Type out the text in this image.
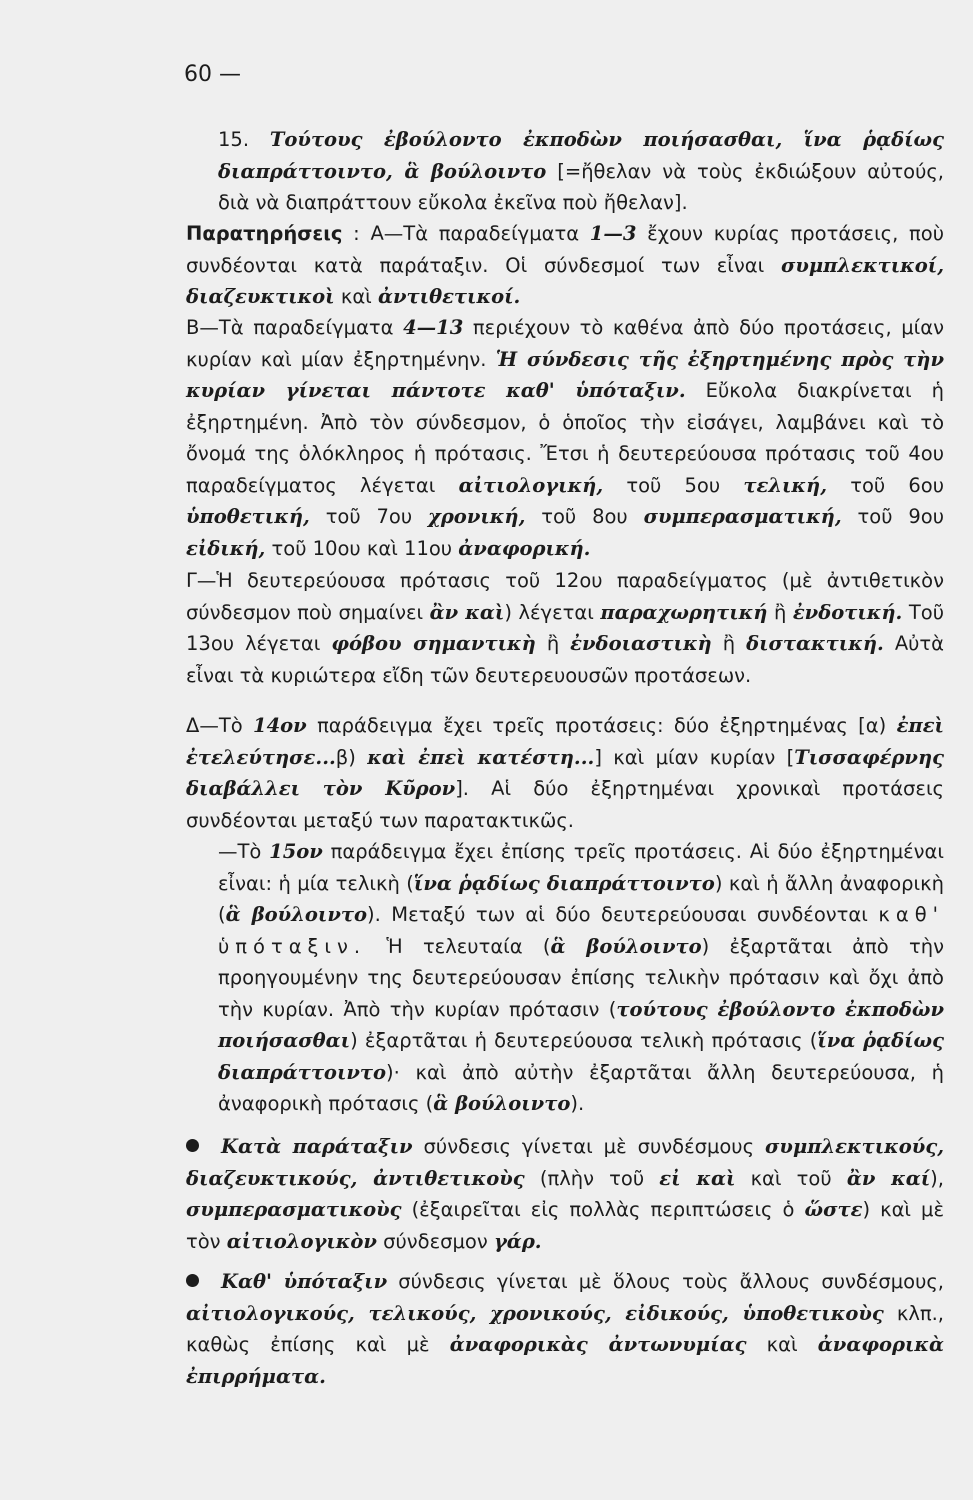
60 —
15. Τούτους ἐβούλοντο ἐκποδὼν ποιήσασθαι, ἵνα ῥᾳδίως διαπράττοιντο, ἃ βούλοιντο [=ἤθελαν νὰ τοὺς ἐκδιώξουν αὐτούς, διὰ νὰ διαπράττουν εὔκολα ἐκεῖνα ποὺ ἤθελαν].
Παρατηρήσεις : Α—Τὰ παραδείγματα 1—3 ἔχουν κυρίας προτάσεις, ποὺ συνδέονται κατὰ παράταξιν. Οἱ σύνδεσμοί των εἶναι συμπλεκτικοί, διαζευκτικοὶ καὶ ἀντιθετικοί.
Β—Τὰ παραδείγματα 4—13 περιέχουν τὸ καθένα ἀπὸ δύο προτάσεις, μίαν κυρίαν καὶ μίαν ἐξηρτημένην. Ἡ σύνδεσις τῆς ἐξηρτημένης πρὸς τὴν κυρίαν γίνεται πάντοτε καθ' ὑπόταξιν. Εὔκολα διακρίνεται ἡ ἐξηρτημένη. Ἀπὸ τὸν σύνδεσμον, ὁ ὁποῖος τὴν εἰσάγει, λαμβάνει καὶ τὸ ὄνομά της ὁλόκληρος ἡ πρότασις. Ἔτσι ἡ δευτερεύουσα πρότασις τοῦ 4ου παραδείγματος λέγεται αἰτιολογική, τοῦ 5ου τελική, τοῦ 6ου ὑποθετική, τοῦ 7ου χρονική, τοῦ 8ου συμπερασματική, τοῦ 9ου εἰδική, τοῦ 10ου καὶ 11ου ἀναφορική.
Γ—Ἡ δευτερεύουσα πρότασις τοῦ 12ου παραδείγματος (μὲ ἀντιθετικὸν σύνδεσμον ποὺ σημαίνει ἂν καὶ) λέγεται παραχωρητική ἢ ἐνδοτική. Τοῦ 13ου λέγεται φόβου σημαντικὴ ἢ ἐνδοιαστικὴ ἢ διστακτική. Αὐτὰ εἶναι τὰ κυριώτερα εἴδη τῶν δευτερευουσῶν προτάσεων.
Δ—Τὸ 14ον παράδειγμα ἔχει τρεῖς προτάσεις: δύο ἐξηρτημένας [α) ἐπεὶ ἐτελεύτησε...β) καὶ ἐπεὶ κατέστη...] καὶ μίαν κυρίαν [Τισσαφέρνης διαβάλλει τὸν Κῦρον]. Αἱ δύο ἐξηρτημέναι χρονικαὶ προτάσεις συνδέονται μεταξύ των παρατακτικῶς.
—Τὸ 15ον παράδειγμα ἔχει ἐπίσης τρεῖς προτάσεις. Αἱ δύο ἐξηρτημέναι εἶναι: ἡ μία τελικὴ (ἵνα ῥᾳδίως διαπράττοιντο) καὶ ἡ ἄλλη ἀναφορικὴ (ἃ βούλοιντο). Μεταξύ των αἱ δύο δευτερεύουσαι συνδέονται καθ' ὑπόταξιν. Ἡ τελευταία (ἃ βούλοιντο) ἐξαρτᾶται ἀπὸ τὴν προηγουμένην της δευτερεύουσαν ἐπίσης τελικὴν πρότασιν καὶ ὄχι ἀπὸ τὴν κυρίαν. Ἀπὸ τὴν κυρίαν πρότασιν (τούτους ἐβούλοντο ἐκποδὼν ποιήσασθαι) ἐξαρτᾶται ἡ δευτερεύουσα τελικὴ πρότασις (ἵνα ῥᾳδίως διαπράττοιντο)· καὶ ἀπὸ αὐτὴν ἐξαρτᾶται ἄλλη δευτερεύουσα, ἡ ἀναφορικὴ πρότασις (ἃ βούλοιντο).
Κατὰ παράταξιν σύνδεσις γίνεται μὲ συνδέσμους συμπλεκτικούς, διαζευκτικούς, ἀντιθετικοὺς (πλὴν τοῦ εἰ καὶ καὶ τοῦ ἂν καί), συμπερασματικοὺς (ἐξαιρεῖται εἰς πολλὰς περιπτώσεις ὁ ὥστε) καὶ μὲ τὸν αἰτιολογικὸν σύνδεσμον γάρ.
Καθ' ὑπόταξιν σύνδεσις γίνεται μὲ ὅλους τοὺς ἄλλους συνδέσμους, αἰτιολογικούς, τελικούς, χρονικούς, εἰδικούς, ὑποθετικοὺς κλπ., καθὼς ἐπίσης καὶ μὲ ἀναφορικὰς ἀντωνυμίας καὶ ἀναφορικὰ ἐπιρρήματα.
